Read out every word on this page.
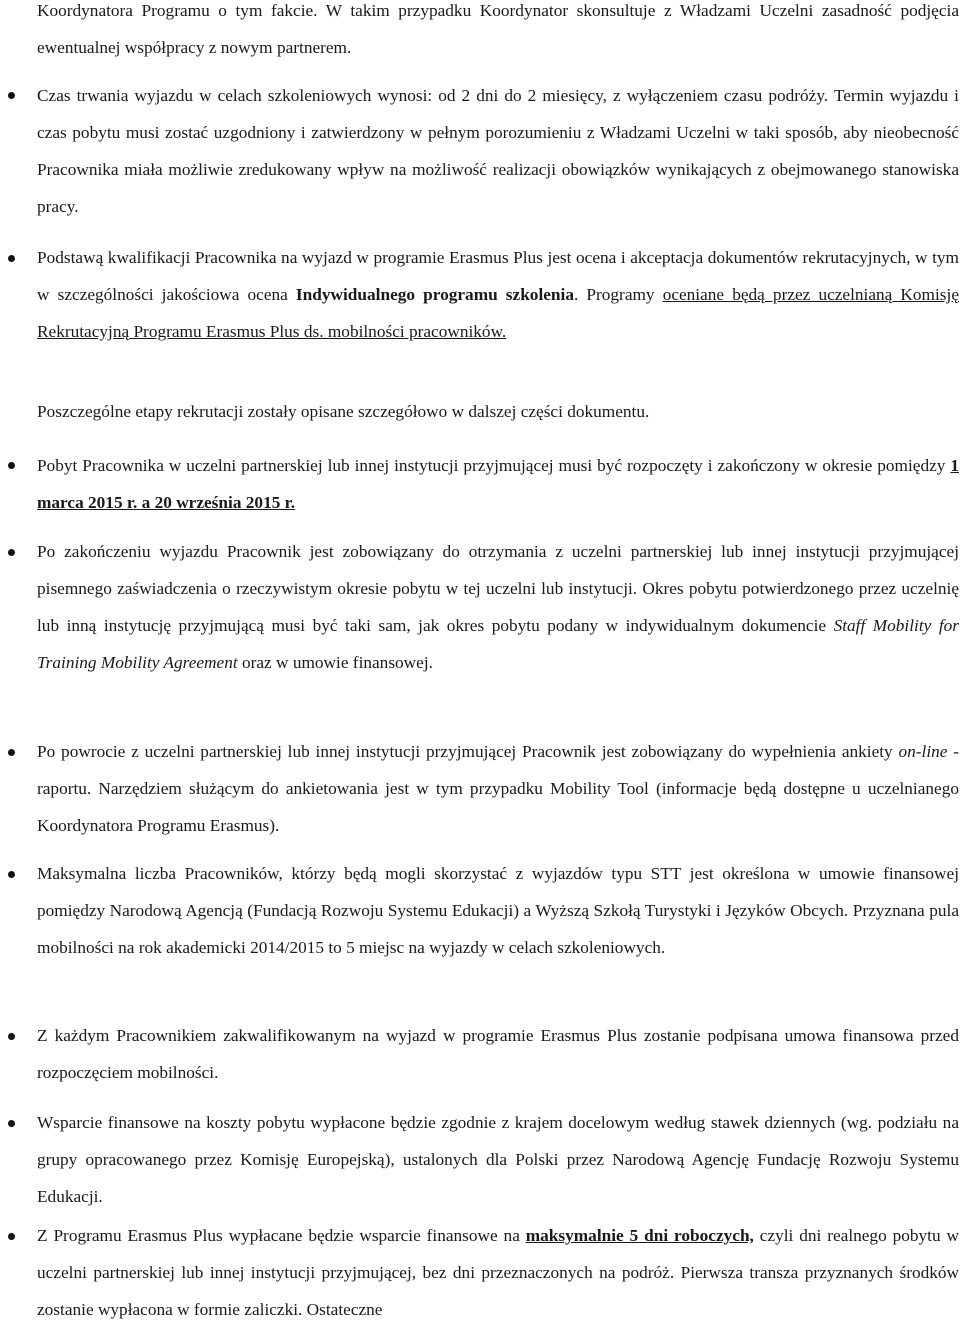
Koordynatora Programu o tym fakcie. W takim przypadku Koordynator skonsultuje z Władzami Uczelni zasadność podjęcia ewentualnej współpracy z nowym partnerem.
Czas trwania wyjazdu w celach szkoleniowych wynosi: od 2 dni do 2 miesięcy, z wyłączeniem czasu podróży. Termin wyjazdu i czas pobytu musi zostać uzgodniony i zatwierdzony w pełnym porozumieniu z Władzami Uczelni w taki sposób, aby nieobecność Pracownika miała możliwie zredukowany wpływ na możliwość realizacji obowiązków wynikających z obejmowanego stanowiska pracy.
Podstawą kwalifikacji Pracownika na wyjazd w programie Erasmus Plus jest ocena i akceptacja dokumentów rekrutacyjnych, w tym w szczególności jakościowa ocena Indywidualnego programu szkolenia. Programy oceniane będą przez uczelnianą Komisję Rekrutacyjną Programu Erasmus Plus ds. mobilności pracowników.
Poszczególne etapy rekrutacji zostały opisane szczegółowo w dalszej części dokumentu.
Pobyt Pracownika w uczelni partnerskiej lub innej instytucji przyjmującej musi być rozpoczęty i zakończony w okresie pomiędzy 1 marca 2015 r. a 20 września 2015 r.
Po zakończeniu wyjazdu Pracownik jest zobowiązany do otrzymania z uczelni partnerskiej lub innej instytucji przyjmującej pisemnego zaświadczenia o rzeczywistym okresie pobytu w tej uczelni lub instytucji. Okres pobytu potwierdzonego przez uczelnię lub inną instytucję przyjmującą musi być taki sam, jak okres pobytu podany w indywidualnym dokumencie Staff Mobility for Training Mobility Agreement oraz w umowie finansowej.
Po powrocie z uczelni partnerskiej lub innej instytucji przyjmującej Pracownik jest zobowiązany do wypełnienia ankiety on-line - raportu. Narzędziem służącym do ankietowania jest w tym przypadku Mobility Tool (informacje będą dostępne u uczelnianego Koordynatora Programu Erasmus).
Maksymalna liczba Pracowników, którzy będą mogli skorzystać z wyjazdów typu STT jest określona w umowie finansowej pomiędzy Narodową Agencją (Fundacją Rozwoju Systemu Edukacji) a Wyższą Szkołą Turystyki i Języków Obcych. Przyznana pula mobilności na rok akademicki 2014/2015 to 5 miejsc na wyjazdy w celach szkoleniowych.
Z każdym Pracownikiem zakwalifikowanym na wyjazd w programie Erasmus Plus zostanie podpisana umowa finansowa przed rozpoczęciem mobilności.
Wsparcie finansowe na koszty pobytu wypłacone będzie zgodnie z krajem docelowym według stawek dziennych (wg. podziału na grupy opracowanego przez Komisję Europejską), ustalonych dla Polski przez Narodową Agencję Fundację Rozwoju Systemu Edukacji.
Z Programu Erasmus Plus wypłacane będzie wsparcie finansowe na maksymalnie 5 dni roboczych, czyli dni realnego pobytu w uczelni partnerskiej lub innej instytucji przyjmującej, bez dni przeznaczonych na podróż. Pierwsza transza przyznanych środków zostanie wypłacona w formie zaliczki. Ostateczne
